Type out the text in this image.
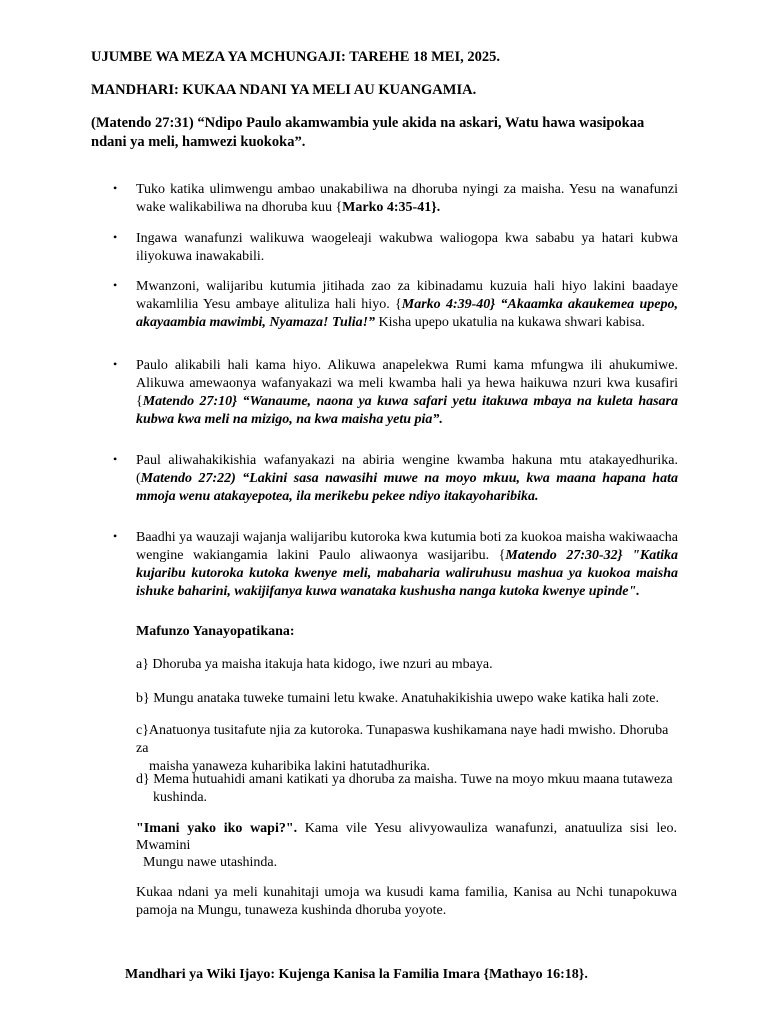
UJUMBE WA MEZA YA MCHUNGAJI: TAREHE 18 MEI, 2025.
MANDHARI: KUKAA NDANI YA MELI AU KUANGAMIA.
(Matendo 27:31) “Ndipo Paulo akamwambia yule akida na askari, Watu hawa wasipokaa ndani ya meli, hamwezi kuokoka”.
• Tuko katika ulimwengu ambao unakabiliwa na dhoruba nyingi za maisha. Yesu na wanafunzi wake walikabiliwa na dhoruba kuu {Marko 4:35-41}.
• Ingawa wanafunzi walikuwa waogeleaji wakubwa waliogopa kwa sababu ya hatari kubwa iliyokuwa inawakabili.
• Mwanzoni, walijaribu kutumia jitihada zao za kibinadamu kuzuia hali hiyo lakini baadaye wakamlilia Yesu ambaye alituliza hali hiyo. {Marko 4:39-40} “Akaamka akaukemea upepo, akayaambia mawimbi, Nyamaza! Tulia!” Kisha upepo ukatulia na kukawa shwari kabisa.
• Paulo alikabili hali kama hiyo. Alikuwa anapelekwa Rumi kama mfungwa ili ahukumiwe. Alikuwa amewaonya wafanyakazi wa meli kwamba hali ya hewa haikuwa nzuri kwa kusafiri {Matendo 27:10} “Wanaume, naona ya kuwa safari yetu itakuwa mbaya na kuleta hasara kubwa kwa meli na mizigo, na kwa maisha yetu pia”.
• Paul aliwahakikishia wafanyakazi na abiria wengine kwamba hakuna mtu atakayedhurika. (Matendo 27:22) “Lakini sasa nawasihi muwe na moyo mkuu, kwa maana hapana hata mmoja wenu atakayepotea, ila merikebu pekee ndiyo itakayoharibika.
• Baadhi ya wauzaji wajanja walijaribu kutoroka kwa kutumia boti za kuokoa maisha wakiwaacha wengine wakiangamia lakini Paulo aliwaonya wasijaribu. {Matendo 27:30-32} "Katika kujaribu kutoroka kutoka kwenye meli, mabaharia waliruhusu mashua ya kuokoa maisha ishuke baharini, wakijifanya kuwa wanataka kushusha nanga kutoka kwenye upinde".
Mafunzo Yanayopatikana:
a} Dhoruba ya maisha itakuja hata kidogo, iwe nzuri au mbaya.
b} Mungu anataka tuweke tumaini letu kwake. Anatuhakikishia uwepo wake katika hali zote.
c}Anatuonya tusitafute njia za kutoroka. Tunapaswa kushikamana naye hadi mwisho. Dhoruba za
maisha yanaweza kuharibika lakini hatutadhurika.
d} Mema hutuahidi amani katikati ya dhoruba za maisha. Tuwe na moyo mkuu maana tutaweza
kushinda.
"Imani yako iko wapi?". Kama vile Yesu alivyowauliza wanafunzi, anatuuliza sisi leo. Mwamini
Mungu nawe utashinda.
Kukaa ndani ya meli kunahitaji umoja wa kusudi kama familia, Kanisa au Nchi tunapokuwa pamoja na Mungu, tunaweza kushinda dhoruba yoyote.
Mandhari ya Wiki Ijayo: Kujenga Kanisa la Familia Imara {Mathayo 16:18}.
